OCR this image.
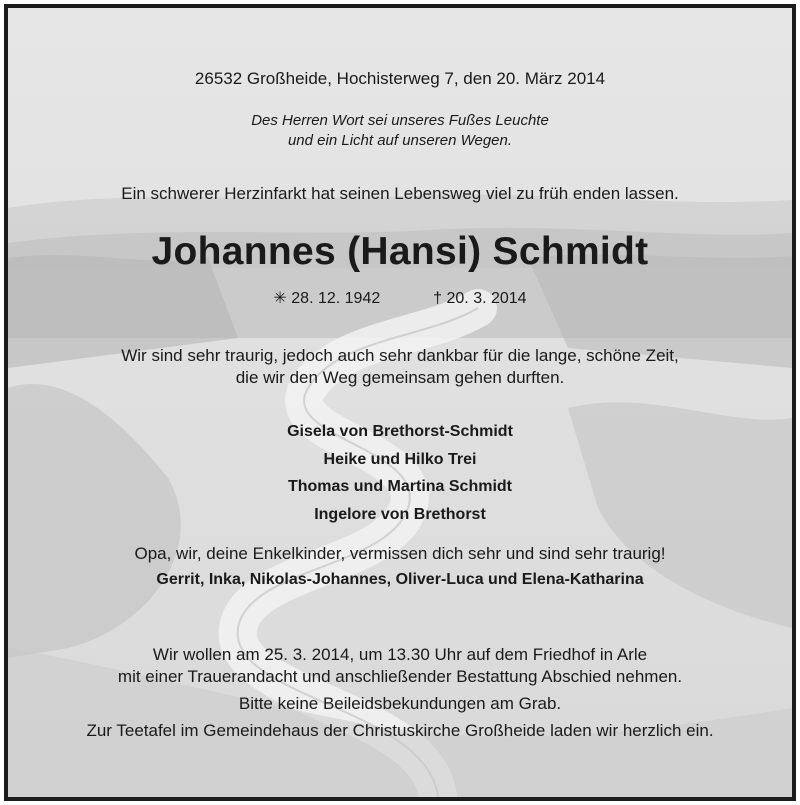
26532 Großheide, Hochisterweg 7, den 20. März 2014
Des Herren Wort sei unseres Fußes Leuchte
und ein Licht auf unseren Wegen.
Ein schwerer Herzinfarkt hat seinen Lebensweg viel zu früh enden lassen.
Johannes (Hansi) Schmidt
✳ 28. 12. 1942	† 20. 3. 2014
Wir sind sehr traurig, jedoch auch sehr dankbar für die lange, schöne Zeit,
die wir den Weg gemeinsam gehen durften.
Gisela von Brethorst-Schmidt
Heike und Hilko Trei
Thomas und Martina Schmidt
Ingelore von Brethorst
Opa, wir, deine Enkelkinder, vermissen dich sehr und sind sehr traurig!
Gerrit, Inka, Nikolas-Johannes, Oliver-Luca und Elena-Katharina
Wir wollen am 25. 3. 2014, um 13.30 Uhr auf dem Friedhof in Arle
mit einer Trauerandacht und anschließender Bestattung Abschied nehmen.
Bitte keine Beileidsbekundungen am Grab.
Zur Teetafel im Gemeindehaus der Christuskirche Großheide laden wir herzlich ein.
